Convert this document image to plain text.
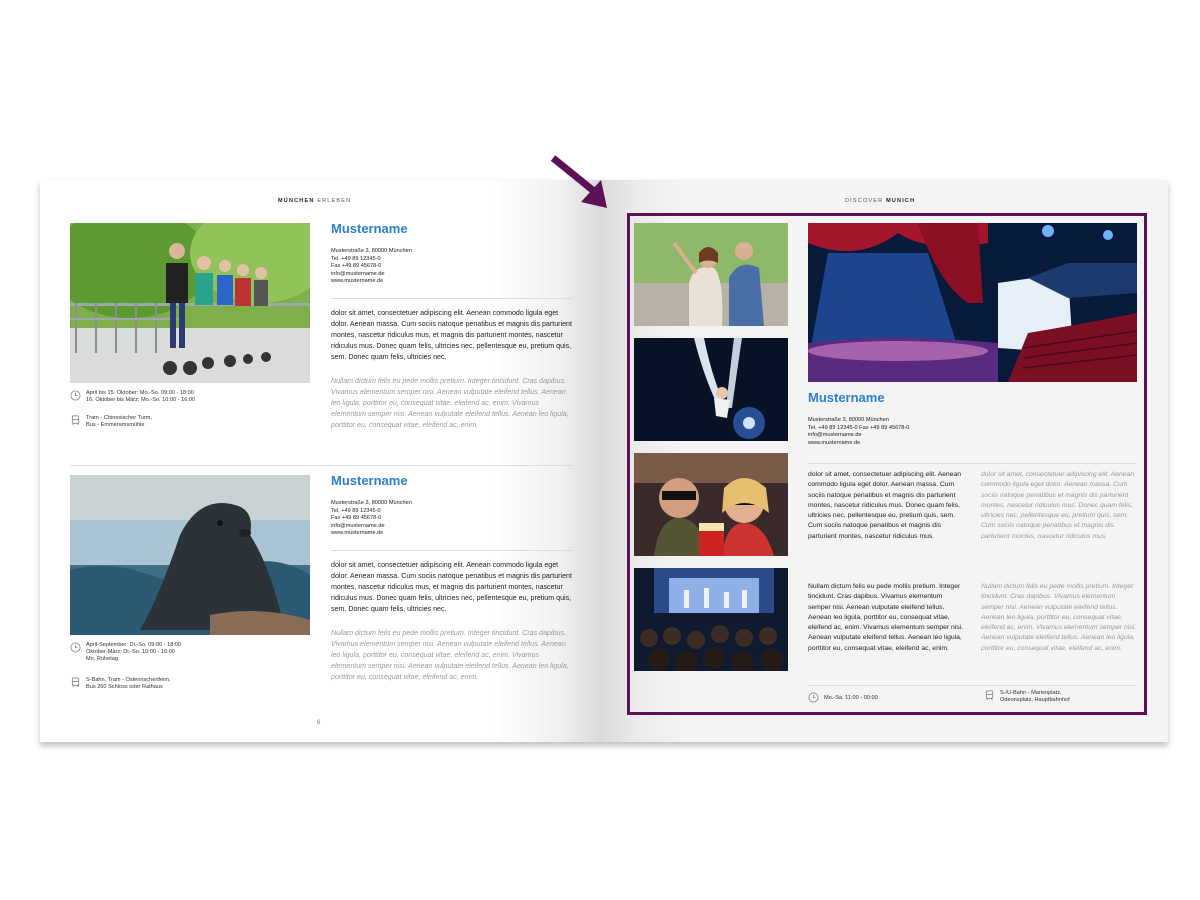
MÜNCHEN ERLEBEN
Mustername
Musterstraße 3, 80000 München
Tel. +49 89 12345-0
Fax +49 89 45678-0
info@mustername.de
www.mustername.de
dolor sit amet, consectetuer adipiscing elit. Aenean commodo ligula eget dolor. Aenean massa. Cum sociis natoque penatibus et magnis dis parturient montes, nascetur ridiculus mus, et magnis dis parturient montes, nascetur ridiculus mus. Donec quam felis, ultricies nec, pellentesque eu, pretium quis, sem. Donec quam felis, ultricies nec.
Nullam dictum felis eu pede mollis pretium. Integer tincidunt. Cras dapibus. Vivamus elementum semper nisi. Aenean vulputate eleifend tellus. Aenean leo ligula, porttitor eu, consequat vitae, eleifend ac, enim. Vivamus elementum semper nisi. Aenean vulputate eleifend tellus. Aenean leo ligula, porttitor eu, consequat vitae, eleifend ac, enim.
April bis 15. Oktober: Mo.-So. 09:00 - 18:00
16. Oktober bis März: Mo.-So. 10:00 - 16:00
Tram - Chinesischer Turm,
Bus - Emmeramsmühle
Mustername
Musterstraße 3, 80000 München
Tel. +49 89 12345-0
Fax +49 89 45678-0
info@mustername.de
www.mustername.de
dolor sit amet, consectetuer adipiscing elit. Aenean commodo ligula eget dolor. Aenean massa. Cum sociis natoque penatibus et magnis dis parturient montes, nascetur ridiculus mus, et magnis dis parturient montes, nascetur ridiculus mus. Donec quam felis, ultricies nec, pellentesque eu, pretium quis, sem. Donec quam felis, ultricies nec.
Nullam dictum felis eu pede mollis pretium. Integer tincidunt. Cras dapibus. Vivamus elementum semper nisi. Aenean vulputate eleifend tellus. Aenean leo ligula, porttitor eu, consequat vitae, eleifend ac, enim. Vivamus elementum semper nisi. Aenean vulputate eleifend tellus. Aenean leo ligula, porttitor eu, consequat vitae, eleifend ac, enim.
April-September: Di.-So. 09:00 - 18:00
Oktober-März: Di.-So. 10:00 - 16:00
Mo. Ruhetag
S-Bahn, Tram - Ostenrischenfeim,
Bus 260 Schloss oder Rathaus
6
DISCOVER MUNICH
Mustername
Musterstraße 3, 80000 München
Tel. +49 89 12345-0 Fax +49 89 45678-0
info@mustername.de
www.mustername.de
dolor sit amet, consectetuer adipiscing elit. Aenean commodo ligula eget dolor. Aenean massa. Cum sociis natoque penatibus et magnis dis parturient montes, nascetur ridiculus mus. Donec quam felis, ultricies nec, pellentesque eu, pretium quis, sem. Cum sociis natoque penatibus et magnis dis parturient montes, nascetur ridiculus mus.
Nullam dictum felis eu pede mollis pretium. Integer tincidunt. Cras dapibus. Vivamus elementum semper nisi. Aenean vulputate eleifend tellus. Aenean leo ligula, porttitor eu, consequat vitae, eleifend ac, enim. Vivamus elementum semper nisi. Aenean vulputate eleifend tellus. Aenean leo ligula, porttitor eu, consequat vitae, eleifend ac, enim.
dolor sit amet, consectetuer adipiscing elit. Aenean commodo ligula eget dolor. Aenean massa. Cum sociis natoque penatibus et magnis dis parturient montes, nascetur ridiculus mus. Donec quam felis, ultricies nec, pellentesque eu, pretium quis, sem. Cum sociis natoque penatibus et magnis dis parturient montes, nascetur ridiculus mus.
Nullam dictum felis eu pede mollis pretium. Integer tincidunt. Cras dapibus. Vivamus elementum semper nisi. Aenean vulputate eleifend tellus. Aenean leo ligula, porttitor eu, consequat vitae, eleifend ac, enim. Vivamus elementum semper nisi. Aenean vulputate eleifend tellus. Aenean leo ligula, porttitor eu, consequat vitae, eleifend ac, enim.
Mo.-Sa. 11:00 - 00:00
S-/U-Bahn - Marienplatz,
Odeonsplatz, Hauptbahnhof
